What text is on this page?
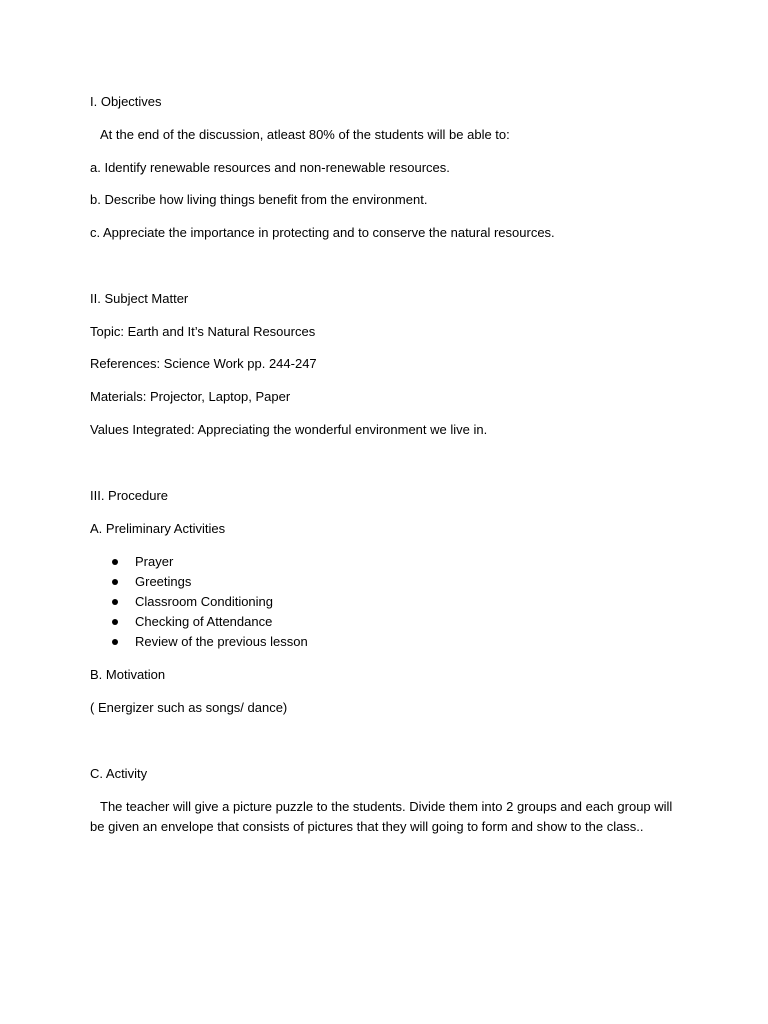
I. Objectives
At the end of the discussion, atleast 80% of the students will be able to:
a. Identify renewable resources and non-renewable resources.
b. Describe how living things benefit from the environment.
c. Appreciate the importance in protecting and to conserve the natural resources.
II. Subject Matter
Topic: Earth and It’s Natural Resources
References: Science Work pp. 244-247
Materials: Projector, Laptop, Paper
Values Integrated: Appreciating the wonderful environment we live in.
III. Procedure
A. Preliminary Activities
Prayer
Greetings
Classroom Conditioning
Checking of Attendance
Review of the previous lesson
B. Motivation
( Energizer such as songs/ dance)
C. Activity
The teacher will give a picture puzzle to the students. Divide them into 2 groups and each group will
be given an envelope that consists of pictures that they will going to form and show to the class..
